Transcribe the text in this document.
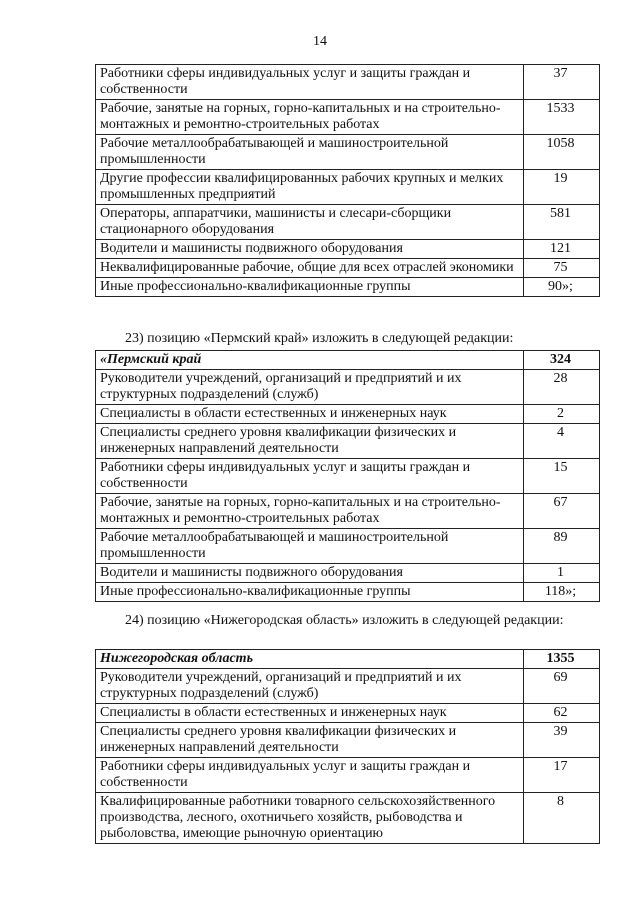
14
Работники сферы индивидуальных услуг и защиты граждан и собственности	37
Рабочие, занятые на горных, горно-капитальных и на строительно-монтажных и ремонтно-строительных работах	1533
Рабочие металлообрабатывающей и машиностроительной промышленности	1058
Другие профессии квалифицированных рабочих крупных и мелких промышленных предприятий	19
Операторы, аппаратчики, машинисты и слесари-сборщики стационарного оборудования	581
Водители и машинисты подвижного оборудования	121
Неквалифицированные рабочие, общие для всех отраслей экономики	75
Иные профессионально-квалификационные группы	90»;
23) позицию «Пермский край» изложить в следующей редакции:
«Пермский край	324
Руководители учреждений, организаций и предприятий и их структурных подразделений (служб)	28
Специалисты в области естественных и инженерных наук	2
Специалисты среднего уровня квалификации физических и инженерных направлений деятельности	4
Работники сферы индивидуальных услуг и защиты граждан и собственности	15
Рабочие, занятые на горных, горно-капитальных и на строительно-монтажных и ремонтно-строительных работах	67
Рабочие металлообрабатывающей и машиностроительной промышленности	89
Водители и машинисты подвижного оборудования	1
Иные профессионально-квалификационные группы	118»;
24) позицию «Нижегородская область» изложить в следующей редакции:
Нижегородская область	1355
Руководители учреждений, организаций и предприятий и их структурных подразделений (служб)	69
Специалисты в области естественных и инженерных наук	62
Специалисты среднего уровня квалификации физических и инженерных направлений деятельности	39
Работники сферы индивидуальных услуг и защиты граждан и собственности	17
Квалифицированные работники товарного сельскохозяйственного производства, лесного, охотничьего хозяйств, рыбоводства и рыболовства, имеющие рыночную ориентацию	8
